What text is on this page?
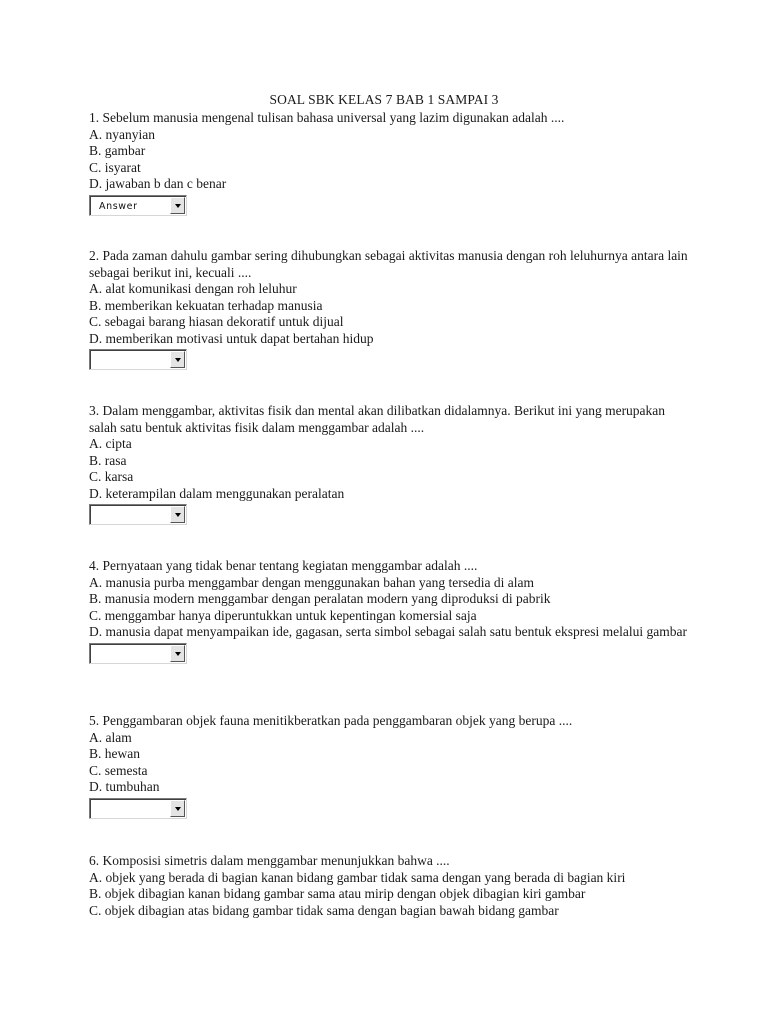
SOAL SBK KELAS 7 BAB 1 SAMPAI 3

1. Sebelum manusia mengenal tulisan bahasa universal yang lazim digunakan adalah ....

A. nyanyian

B. gambar

C. isyarat

D. jawaban b dan c benar

Answer

2. Pada zaman dahulu gambar sering dihubungkan sebagai aktivitas manusia dengan roh leluhurnya antara lain sebagai berikut ini, kecuali ....

A. alat komunikasi dengan roh leluhur

B. memberikan kekuatan terhadap manusia

C. sebagai barang hiasan dekoratif untuk dijual

D. memberikan motivasi untuk dapat bertahan hidup

3. Dalam menggambar, aktivitas fisik dan mental akan dilibatkan didalamnya. Berikut ini yang merupakan salah satu bentuk aktivitas fisik dalam menggambar adalah ....

A. cipta

B. rasa

C. karsa

D. keterampilan dalam menggunakan peralatan

4. Pernyataan yang tidak benar tentang kegiatan menggambar adalah ....

A. manusia purba menggambar dengan menggunakan bahan yang tersedia di alam

B. manusia modern menggambar dengan peralatan modern yang diproduksi di pabrik

C. menggambar hanya diperuntukkan untuk kepentingan komersial saja

D. manusia dapat menyampaikan ide, gagasan, serta simbol sebagai salah satu bentuk ekspresi melalui gambar

5. Penggambaran objek fauna menitikberatkan pada penggambaran objek yang berupa ....

A. alam

B. hewan

C. semesta

D. tumbuhan

6. Komposisi simetris dalam menggambar menunjukkan bahwa ....

A. objek yang berada di bagian kanan bidang gambar tidak sama dengan yang berada di bagian kiri

B. objek dibagian kanan bidang gambar sama atau mirip dengan objek dibagian kiri gambar

C. objek dibagian atas bidang gambar tidak sama dengan bagian bawah bidang gambar
